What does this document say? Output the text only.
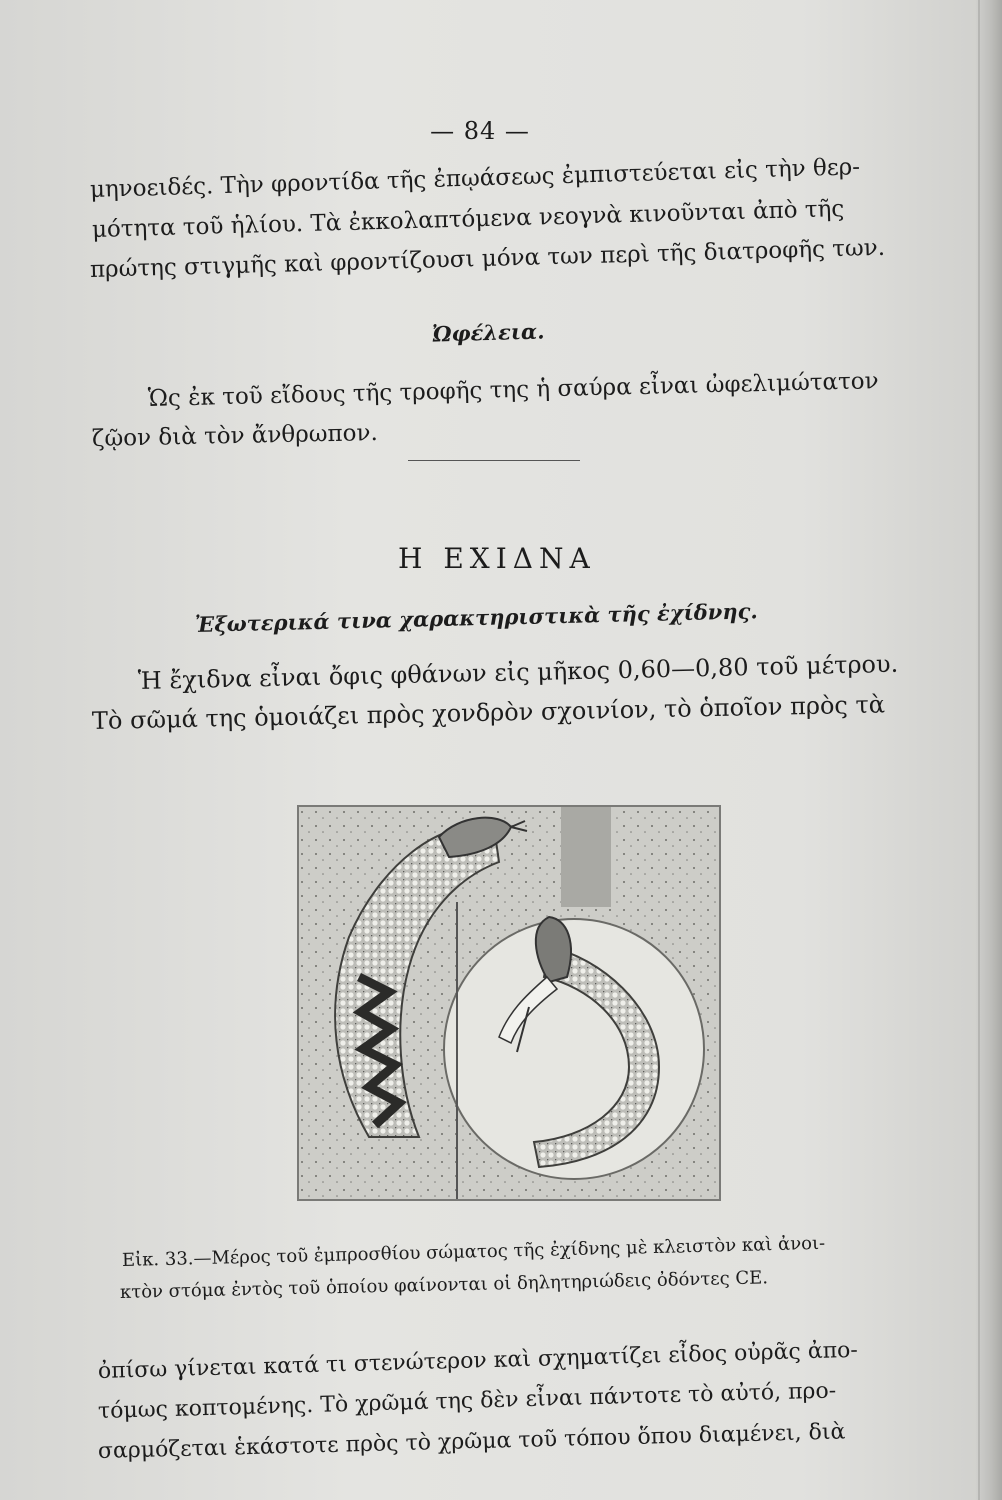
— 84 —
μηνοειδές. Τὴν φροντίδα τῆς ἐπῳάσεως ἐμπιστεύεται εἰς τὴν θερ-
μότητα τοῦ ἡλίου. Τὰ ἐκκολαπτόμενα νεογνὰ κινοῦνται ἀπὸ τῆς
πρώτης στιγμῆς καὶ φροντίζουσι μόνα των περὶ τῆς διατροφῆς των.
Ὠφέλεια.
Ὡς ἐκ τοῦ εἴδους τῆς τροφῆς της ἡ σαύρα εἶναι ὠφελιμώτατον
ζῷον διὰ τὸν ἄνθρωπον.
Η ΕΧΙΔΝΑ
Ἐξωτερικά τινα χαρακτηριστικὰ τῆς ἐχίδνης.
Ἡ ἔχιδνα εἶναι ὄφις φθάνων εἰς μῆκος 0,60—0,80 τοῦ μέτρου.
Τὸ σῶμά της ὁμοιάζει πρὸς χονδρὸν σχοινίον, τὸ ὁποῖον πρὸς τὰ
Εἰκ. 33.—Μέρος τοῦ ἐμπροσθίου σώματος τῆς ἐχίδνης μὲ κλειστὸν καὶ ἀνοι-
κτὸν στόμα ἐντὸς τοῦ ὁποίου φαίνονται οἱ δηλητηριώδεις ὀδόντες CE.
ὀπίσω γίνεται κατά τι στενώτερον καὶ σχηματίζει εἶδος οὐρᾶς ἀπο-
τόμως κοπτομένης. Τὸ χρῶμά της δὲν εἶναι πάντοτε τὸ αὐτό, προ-
σαρμόζεται ἑκάστοτε πρὸς τὸ χρῶμα τοῦ τόπου ὅπου διαμένει, διὰ
